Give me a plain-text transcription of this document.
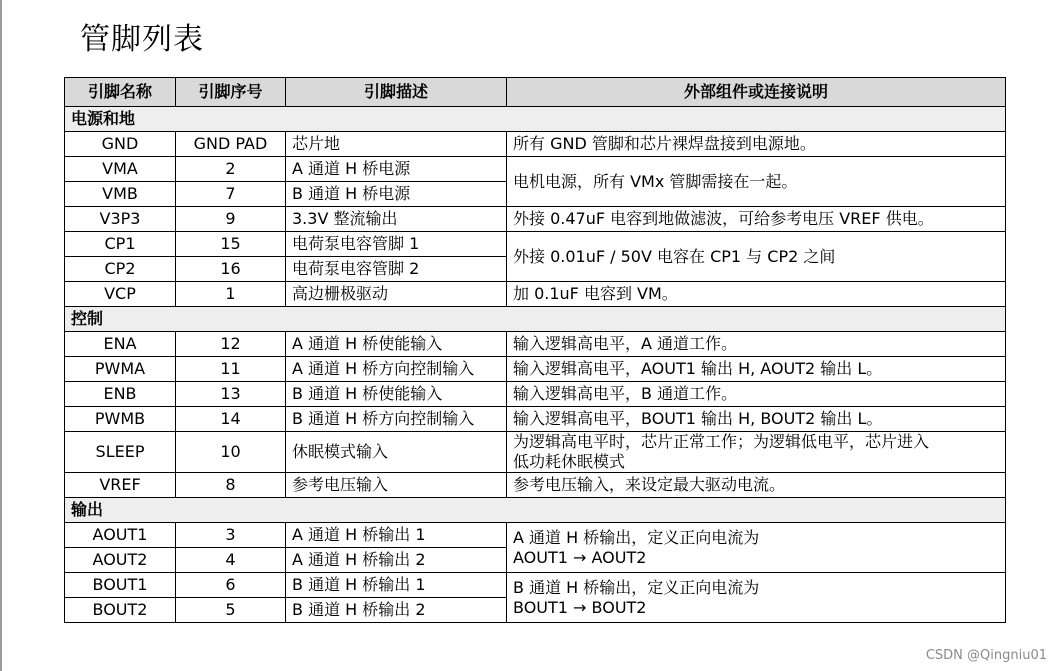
管脚列表
引脚名称	引脚序号	引脚描述	外部组件或连接说明
电源和地			
GND	GND PAD	芯片地	所有 GND 管脚和芯片裸焊盘接到电源地。
VMA	2	A 通道 H 桥电源	电机电源，所有 VMx 管脚需接在一起。
VMB	7	B 通道 H 桥电源	
V3P3	9	3.3V 整流输出	外接 0.47uF 电容到地做滤波，可给参考电压 VREF 供电。
CP1	15	电荷泵电容管脚 1	外接 0.01uF / 50V 电容在 CP1 与 CP2 之间
CP2	16	电荷泵电容管脚 2	
VCP	1	高边栅极驱动	加 0.1uF 电容到 VM。
控制			
ENA	12	A 通道 H 桥使能输入	输入逻辑高电平，A 通道工作。
PWMA	11	A 通道 H 桥方向控制输入	输入逻辑高电平，AOUT1 输出 H, AOUT2 输出 L。
ENB	13	B 通道 H 桥使能输入	输入逻辑高电平，B 通道工作。
PWMB	14	B 通道 H 桥方向控制输入	输入逻辑高电平，BOUT1 输出 H, BOUT2 输出 L。
SLEEP	10	休眠模式输入	为逻辑高电平时，芯片正常工作；为逻辑低电平，芯片进入
低功耗休眠模式

VREF	8	参考电压输入	参考电压输入，来设定最大驱动电流。
输出			
AOUT1	3	A 通道 H 桥输出 1	A 通道 H 桥输出，定义正向电流为
AOUT1 → AOUT2

AOUT2	4	A 通道 H 桥输出 2	
BOUT1	6	B 通道 H 桥输出 1	B 通道 H 桥输出，定义正向电流为
BOUT1 → BOUT2

BOUT2	5	B 通道 H 桥输出 2	
CSDN @Qingniu01
